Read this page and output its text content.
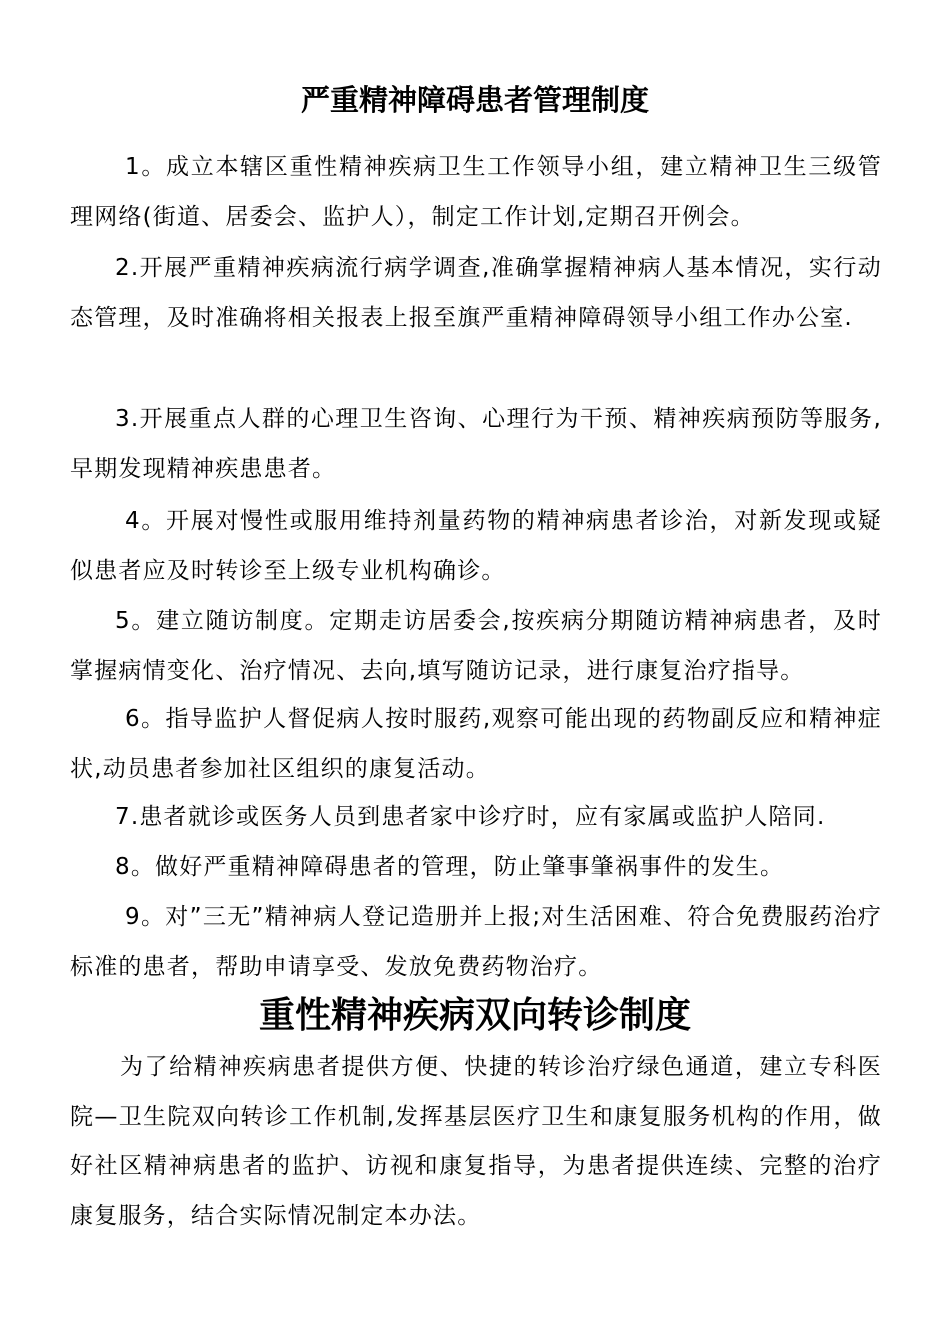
严重精神障碍患者管理制度

1。成立本辖区重性精神疾病卫生工作领导小组，建立精神卫生三级管理网络(街道、居委会、监护人），制定工作计划,定期召开例会。

2.开展严重精神疾病流行病学调查,准确掌握精神病人基本情况，实行动态管理，及时准确将相关报表上报至旗严重精神障碍领导小组工作办公室.

3.开展重点人群的心理卫生咨询、心理行为干预、精神疾病预防等服务,早期发现精神疾患患者。

4。开展对慢性或服用维持剂量药物的精神病患者诊治，对新发现或疑似患者应及时转诊至上级专业机构确诊。

5。建立随访制度。定期走访居委会,按疾病分期随访精神病患者，及时掌握病情变化、治疗情况、去向,填写随访记录，进行康复治疗指导。

6。指导监护人督促病人按时服药,观察可能出现的药物副反应和精神症状,动员患者参加社区组织的康复活动。

7.患者就诊或医务人员到患者家中诊疗时，应有家属或监护人陪同.

8。做好严重精神障碍患者的管理，防止肇事肇祸事件的发生。

9。对”三无”精神病人登记造册并上报;对生活困难、符合免费服药治疗标准的患者，帮助申请享受、发放免费药物治疗。

重性精神疾病双向转诊制度

为了给精神疾病患者提供方便、快捷的转诊治疗绿色通道，建立专科医院—卫生院双向转诊工作机制,发挥基层医疗卫生和康复服务机构的作用，做好社区精神病患者的监护、访视和康复指导，为患者提供连续、完整的治疗康复服务，结合实际情况制定本办法。
